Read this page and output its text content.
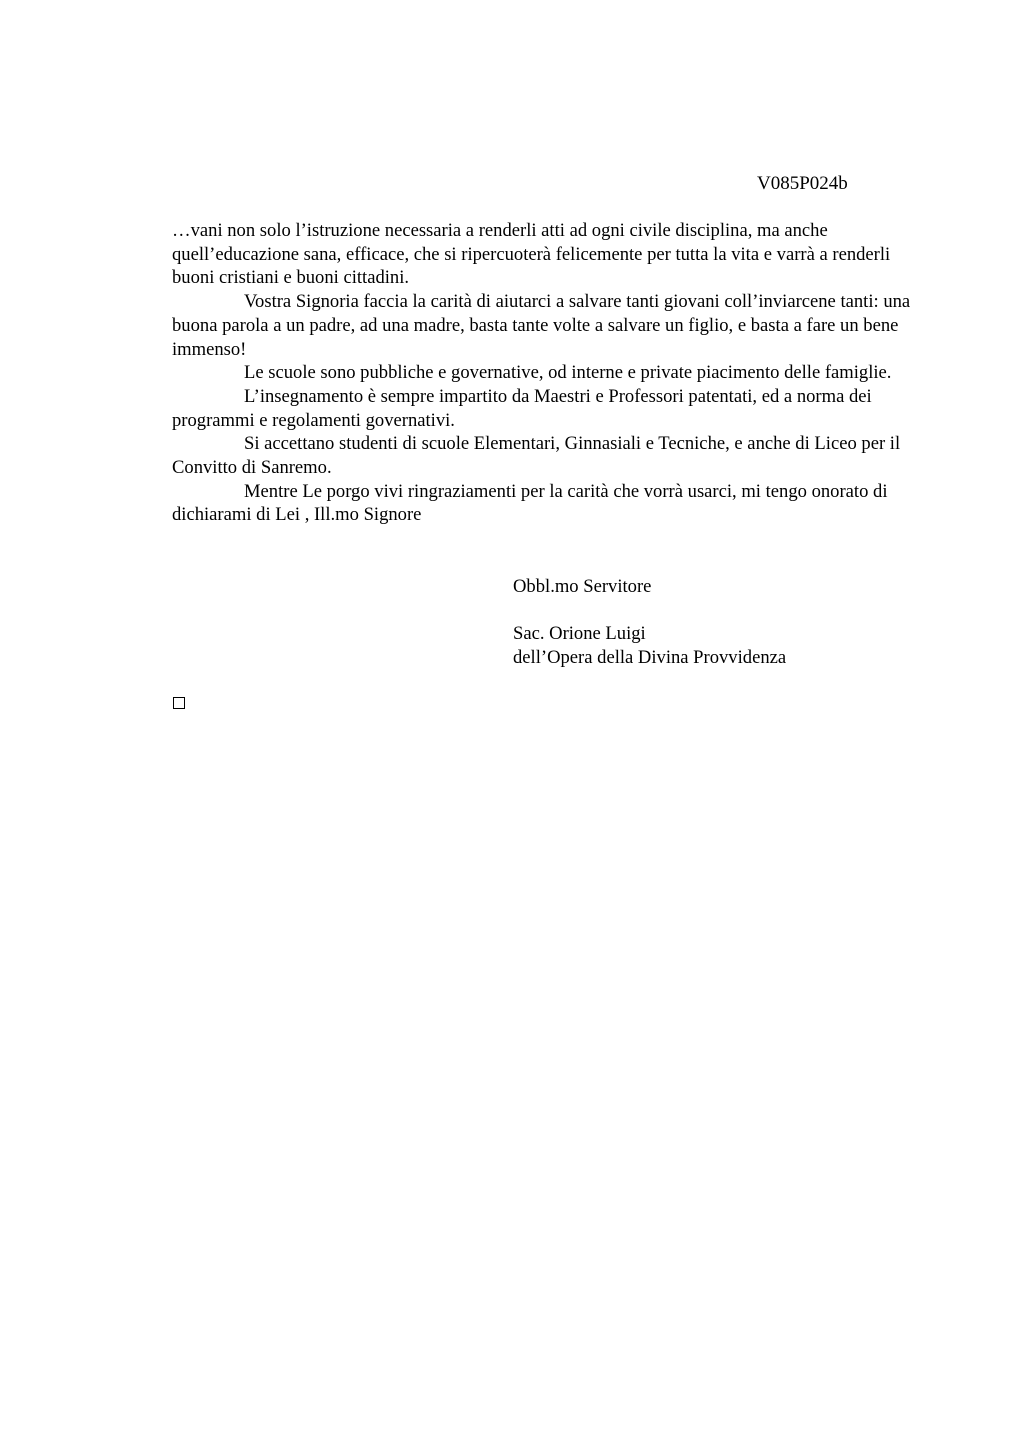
V085P024b

…vani non solo l’istruzione necessaria a renderli atti ad ogni civile disciplina, ma anche quell’educazione sana, efficace, che si ripercuoterà felicemente per tutta la vita e varrà a renderli buoni cristiani e buoni cittadini.

Vostra Signoria faccia la carità di aiutarci a salvare tanti giovani coll’inviarcene tanti: una buona parola a un padre, ad una madre, basta tante volte a salvare un figlio, e basta a fare un bene immenso!

Le scuole sono pubbliche e governative, od interne e private piacimento delle famiglie.

L’insegnamento è sempre impartito da Maestri e Professori patentati, ed a norma dei programmi e regolamenti governativi.

Si accettano studenti di scuole Elementari, Ginnasiali e Tecniche, e anche di Liceo per il Convitto di Sanremo.

Mentre Le porgo vivi ringraziamenti per la carità che vorrà usarci, mi tengo onorato di dichiarami di Lei , Ill.mo Signore

Obbl.mo Servitore
Sac. Orione Luigi
dell’Opera della Divina Provvidenza
